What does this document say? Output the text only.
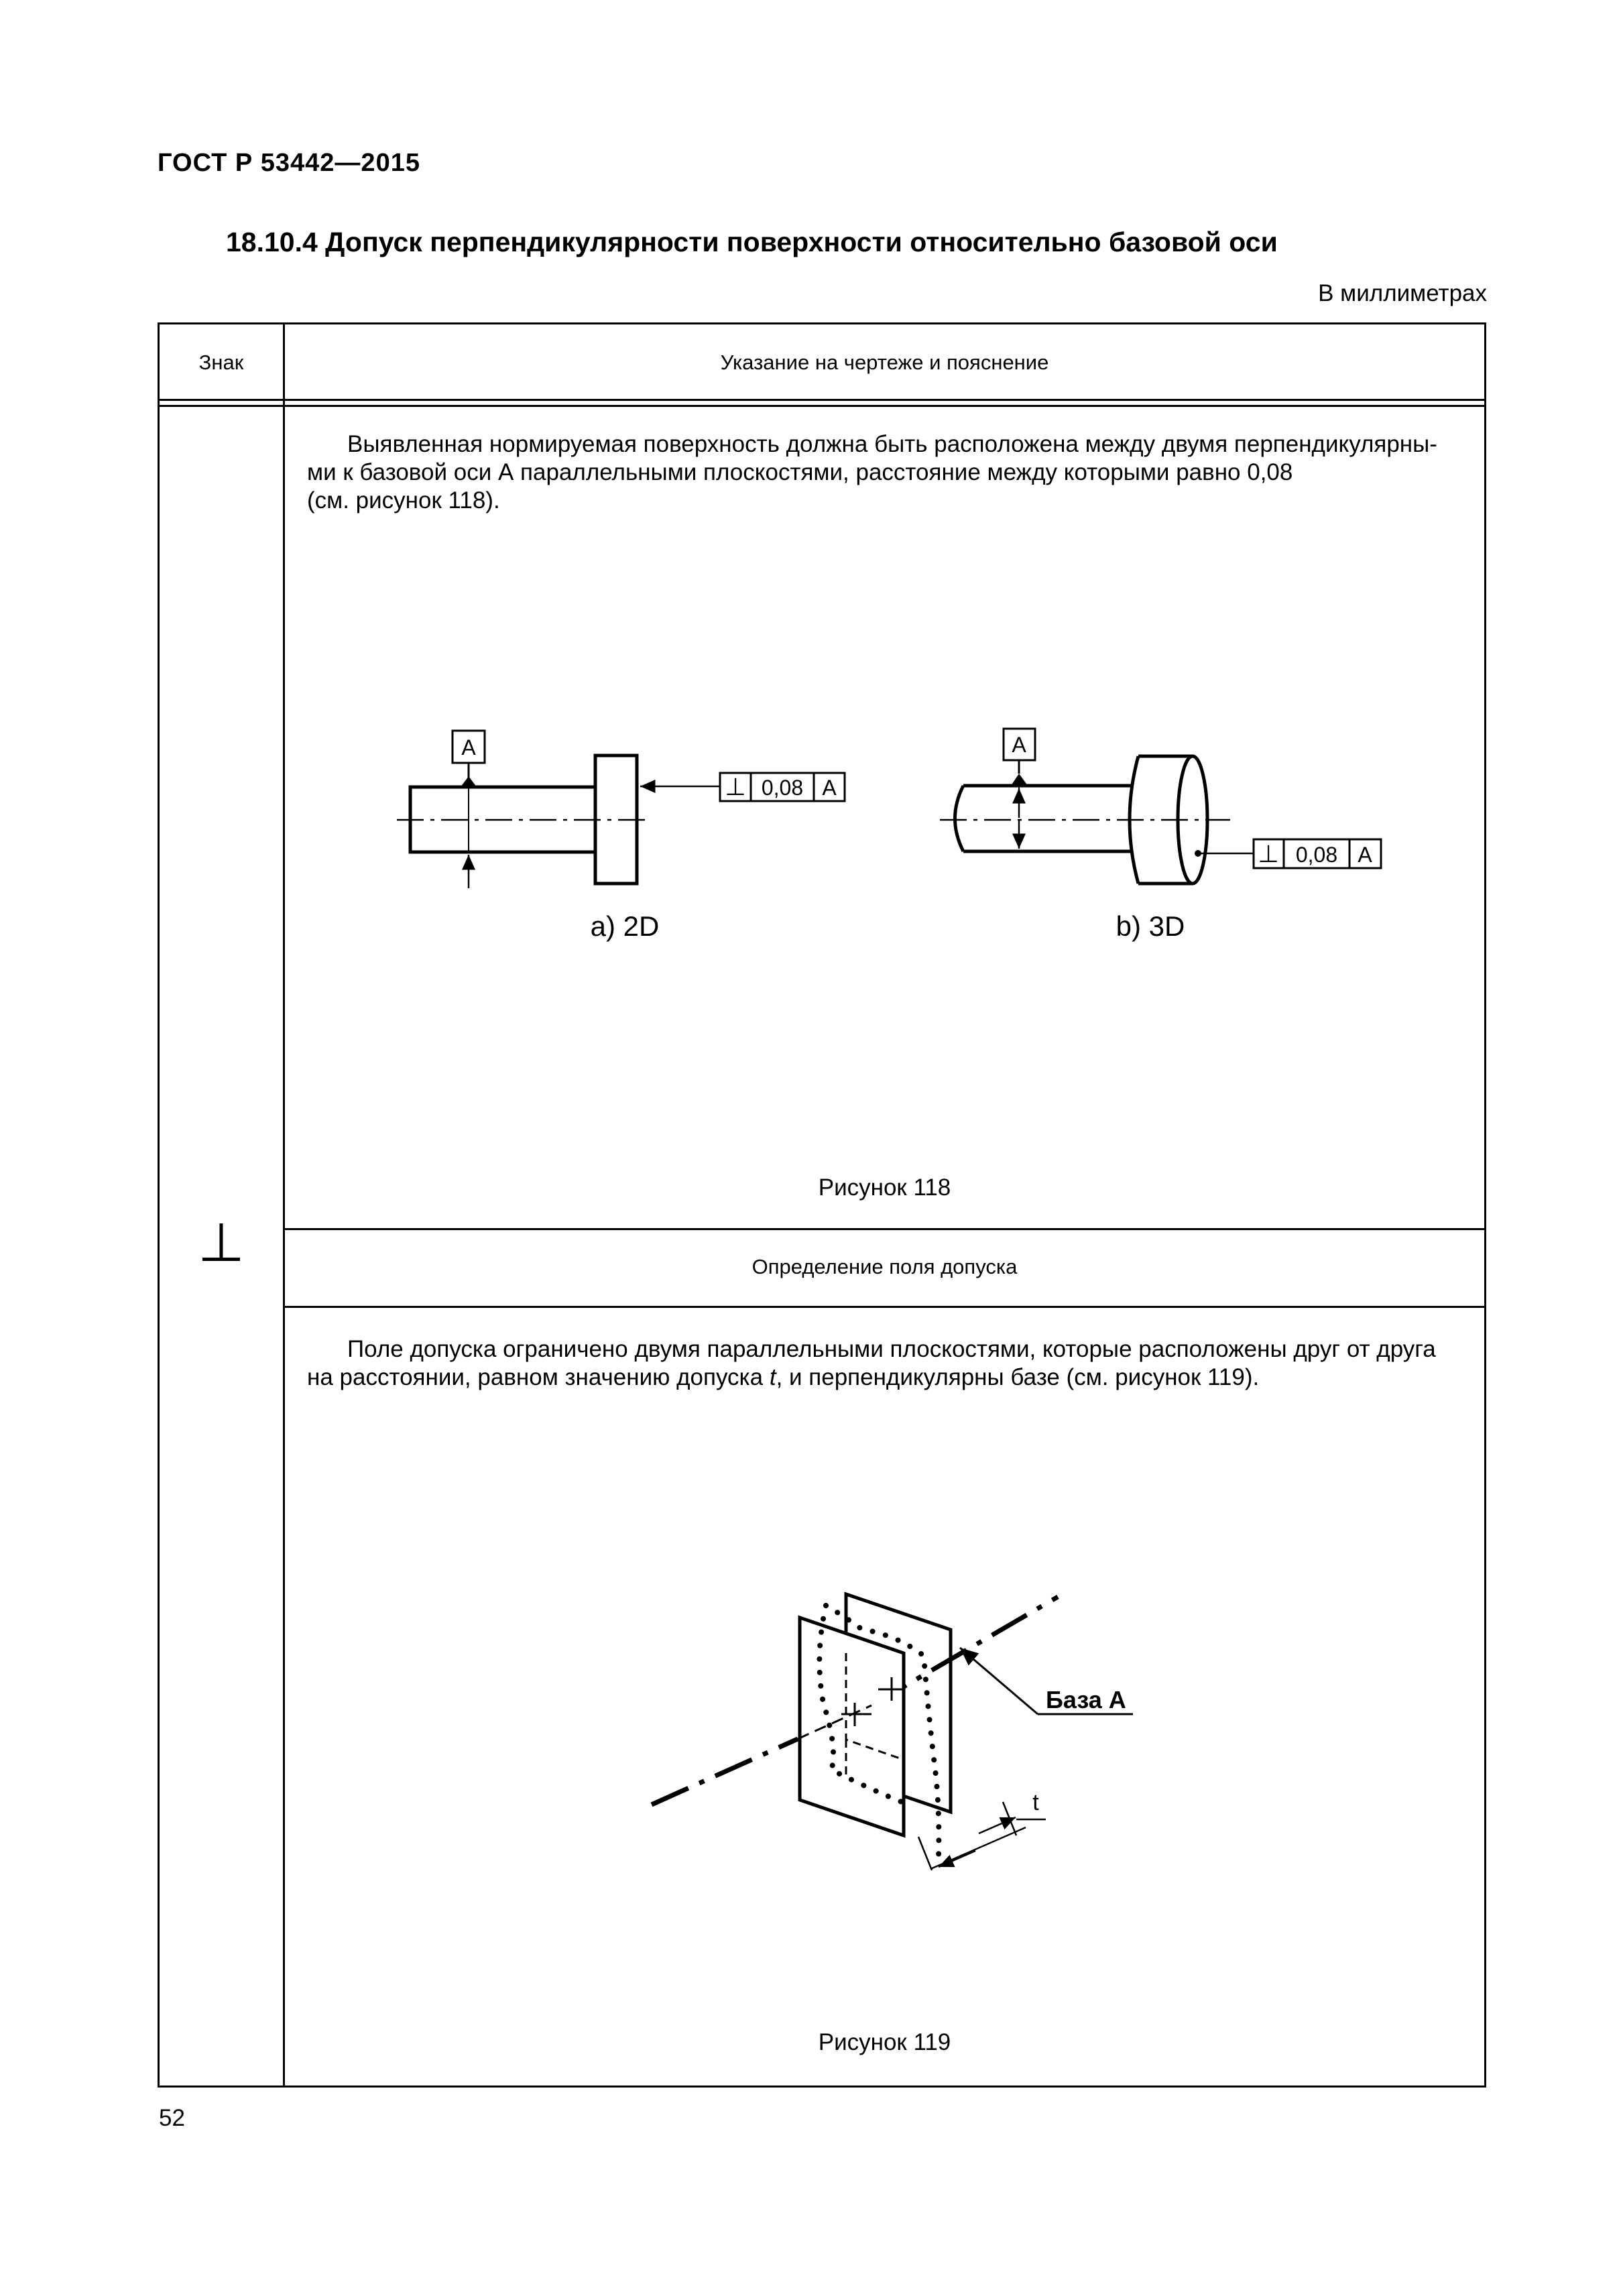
ГОСТ Р 53442—2015
18.10.4 Допуск перпендикулярности поверхности относительно базовой оси
В миллиметрах
Знак	Указание на чертеже и пояснение
⊥
Выявленная нормируемая поверхность должна быть расположена между двумя перпендикулярны-
ми к базовой оси А параллельными плоскостями, расстояние между которыми равно 0,08
(см. рисунок 118).
Определение поля допуска
Поле допуска ограничено двумя параллельными плоскостями, которые расположены друг от друга
на расстоянии, равном значению допуска t, и перпендикулярны базе (см. рисунок 119).
Рисунок 118
Рисунок 119
A
⊥ 0,08 A
a) 2D
A
⊥ 0,08 A
b) 3D
База А
t
52
